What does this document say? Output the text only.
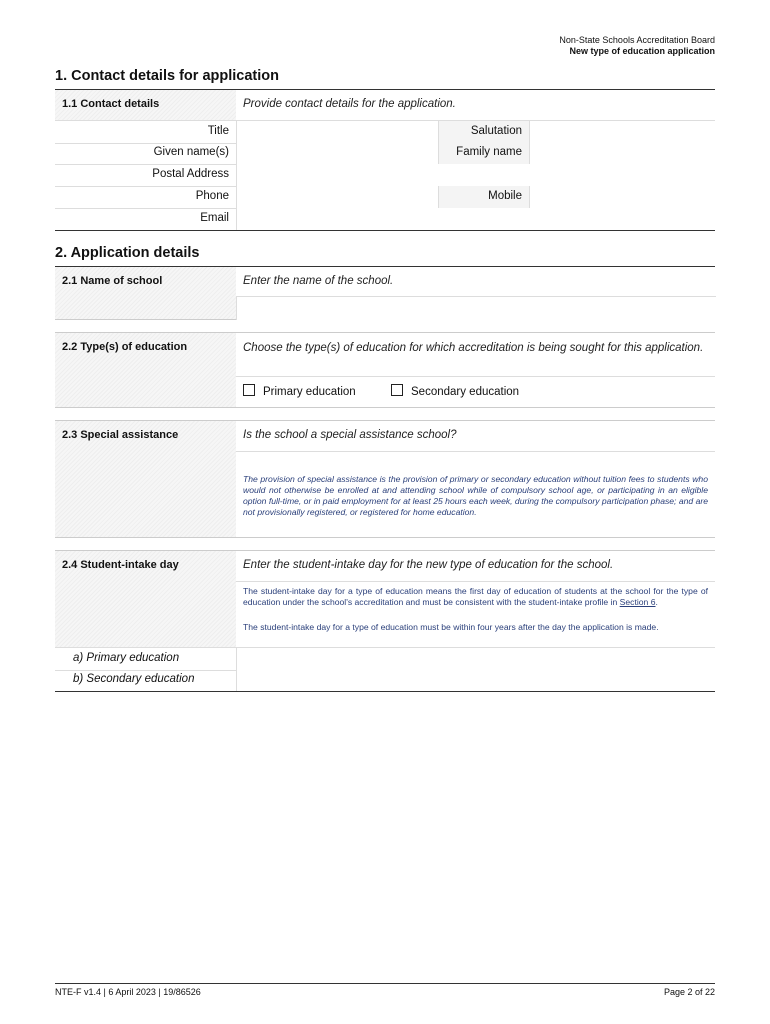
Non-State Schools Accreditation Board
New type of education application
1. Contact details for application
1.1 Contact details	Provide contact details for the application.
Title	Salutation
Given name(s)	Family name
Postal Address
Phone	Mobile
Email
2. Application details
2.1 Name of school	Enter the name of the school.
2.2 Type(s) of education	Choose the type(s) of education for which accreditation is being sought for this application.
Primary education	Secondary education
2.3 Special assistance	Is the school a special assistance school?
The provision of special assistance is the provision of primary or secondary education without tuition fees to students who would not otherwise be enrolled at and attending school while of compulsory school age, or participating in an eligible option full-time, or in paid employment for at least 25 hours each week, during the compulsory participation phase; and are not provisionally registered, or registered for home education.
2.4 Student-intake day	Enter the student-intake day for the new type of education for the school.
The student-intake day for a type of education means the first day of education of students at the school for the type of education under the school's accreditation and must be consistent with the student-intake profile in Section 6.
The student-intake day for a type of education must be within four years after the day the application is made.
a) Primary education
b) Secondary education
NTE-F v1.4 | 6 April 2023 | 19/86526	Page 2 of 22
